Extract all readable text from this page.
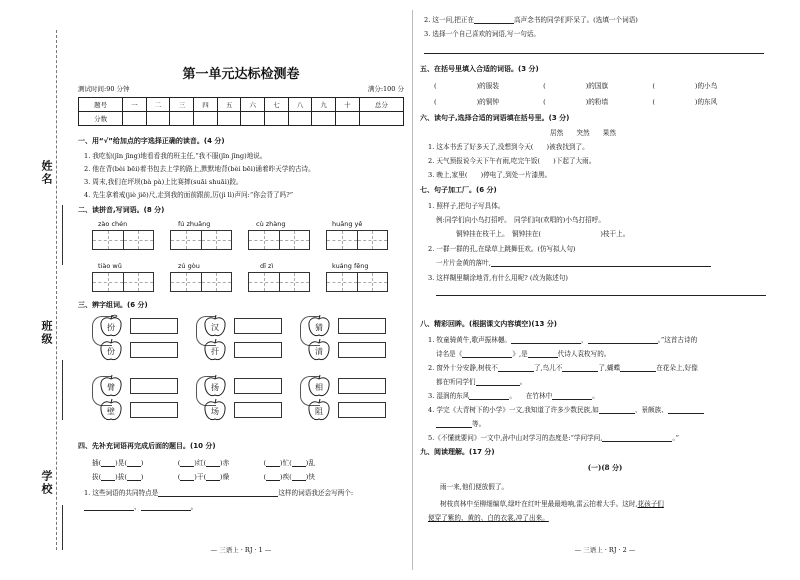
姓名
班级
学校
第一单元达标检测卷
测试时间:90 分钟	满分:100 分
题号	一	二	三	四	五	六	七	八	九	十	总分
分数											
一、用“√”给加点的字选择正确的读音。(4 分)
1. 我吃惊(jīn jīng)地看看我的班主任,“我不服(jīn jīng)地说。
2. 他在背(bèi bēi)着书包去上学的路上,默默地背(bèi bēi)诵着昨天学的古诗。
3. 周末,我们在坪坝(bà pà)上比赛摔(suāi shuāi)跤。
4. 先生拿着戒(jiè jiē)尺,走到我的面前跟前,厉(jì lì)声问:“你会背了吗?”
二、读拼音,写词语。(8 分)
zào chén	fú zhuāng	cù zhàng	huāng yě
tiào wǔ	zú gòu	dī zì	kuáng fēng
三、辨字组词。(6 分)
扮
份
臂
壁
汉
扞
扬
场
猜
清
相
阻
四、先补充词语再完成后面的题目。(10 分)
插( )晃( )	( )红( )赤	( )忙( )乱
拔( )拔( )	( )干( )燥	( )疾( )快
1. 这些词语的共同特点是	这样的词语我还会写两个:
、	。
— 三语上 · RJ · 1 —
2. 这一问,把正在	高声念书的同学们吓呆了。(选填一个词语)
3. 选择一个自己喜欢的词语,写一句话。
五、在括号里填入合适的词语。(3 分)
(	)的服装	(	)的国旗	(	)的小鸟
(	)的铜钟	(	)的粉墙	(	)的东风
六、读句子,选择合适的词语填在括号里。(3 分)
居然　　突然　　果然
1. 这本书丢了好多天了,没想到今天(　　)被我找到了。
2. 天气预报说今天下午有雨,吃完午饭(　　)下起了大雨。
3. 晚上,家里(　　)停电了,到处一片漆黑。
七、句子加工厂。(6 分)
1. 照样子,把句子写具体。
例:同学们向小鸟打招呼。　同学们向(欢唱的)小鸟打招呼。
铜钟挂在枝干上。　铜钟挂在(　　　　　　　　　)枝干上。
2. 一群一群的孔,在绿草上跳舞狂欢。(仿写拟人句)
一片片金黄的落叶,
3. 这样糊里糊涂地背,有什么用呢? (改为陈述句)
八、精彩回眸。(根据课文内容填空)(13 分)
1. 牧童骑黄牛,歌声振林樾。	，	。”这首古诗的
诗名是《	》,是	代诗人袁枚写的。
2. 窗外十分安静,树枝不	了,鸟儿不	了,蝴蝶	在花朵上,好像
都在听同学们	。
3. 湿润的东风	。　　在竹林中	。
4. 学完《大青树下的小学》一文,我知道了许多少数民族,如	、景颇族、
等。
5.《不懂就要问》一文中,孙中山对学习的态度是:“学问学问,	。”
九、阅读理解。(17 分)
(一)(8 分)
雨一来,他们便放假了。
树枝真林中至柳细编草,绿叶在红叶里最最地响,雷云拍着大手。这时,花孩子们
便穿了紫的、黄的、白的衣裳,冲了出来。
— 三语上 · RJ · 2 —
